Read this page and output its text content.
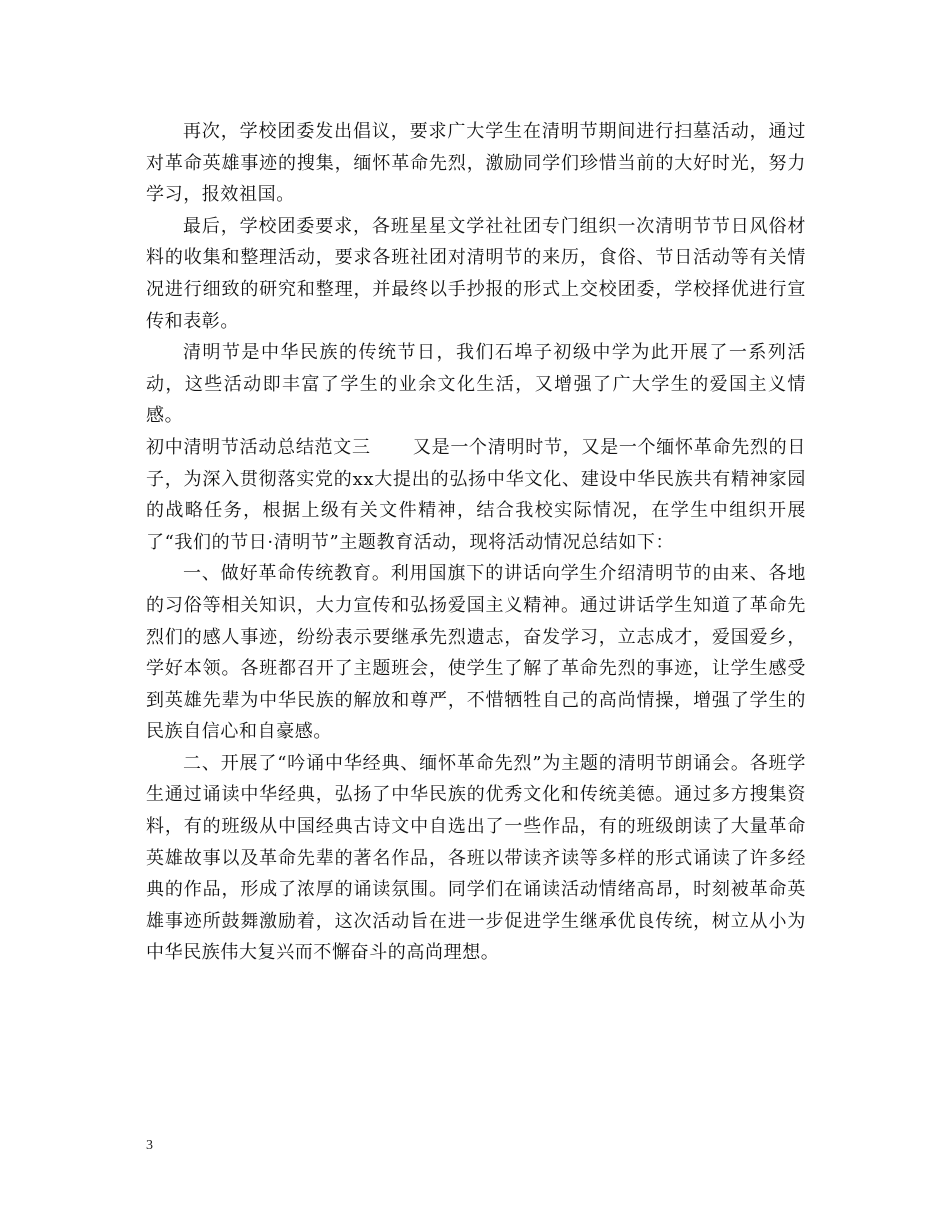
再次，学校团委发出倡议，要求广大学生在清明节期间进行扫墓活动，通过对革命英雄事迹的搜集，缅怀革命先烈，激励同学们珍惜当前的大好时光，努力学习，报效祖国。

最后，学校团委要求，各班星星文学社社团专门组织一次清明节节日风俗材料的收集和整理活动，要求各班社团对清明节的来历，食俗、节日活动等有关情况进行细致的研究和整理，并最终以手抄报的形式上交校团委，学校择优进行宣传和表彰。

清明节是中华民族的传统节日，我们石埠子初级中学为此开展了一系列活动，这些活动即丰富了学生的业余文化生活，又增强了广大学生的爱国主义情感。

初中清明节活动总结范文三 又是一个清明时节，又是一个缅怀革命先烈的日子，为深入贯彻落实党的xx大提出的弘扬中华文化、建设中华民族共有精神家园的战略任务，根据上级有关文件精神，结合我校实际情况，在学生中组织开展了“我们的节日·清明节”主题教育活动，现将活动情况总结如下：

一、做好革命传统教育。利用国旗下的讲话向学生介绍清明节的由来、各地的习俗等相关知识，大力宣传和弘扬爱国主义精神。通过讲话学生知道了革命先烈们的感人事迹，纷纷表示要继承先烈遗志，奋发学习，立志成才，爱国爱乡，学好本领。各班都召开了主题班会，使学生了解了革命先烈的事迹，让学生感受到英雄先辈为中华民族的解放和尊严，不惜牺牲自己的高尚情操，增强了学生的民族自信心和自豪感。

二、开展了“吟诵中华经典、缅怀革命先烈”为主题的清明节朗诵会。各班学生通过诵读中华经典，弘扬了中华民族的优秀文化和传统美德。通过多方搜集资料，有的班级从中国经典古诗文中自选出了一些作品，有的班级朗读了大量革命英雄故事以及革命先辈的著名作品，各班以带读齐读等多样的形式诵读了许多经典的作品，形成了浓厚的诵读氛围。同学们在诵读活动情绪高昂，时刻被革命英雄事迹所鼓舞激励着，这次活动旨在进一步促进学生继承优良传统，树立从小为中华民族伟大复兴而不懈奋斗的高尚理想。

3
